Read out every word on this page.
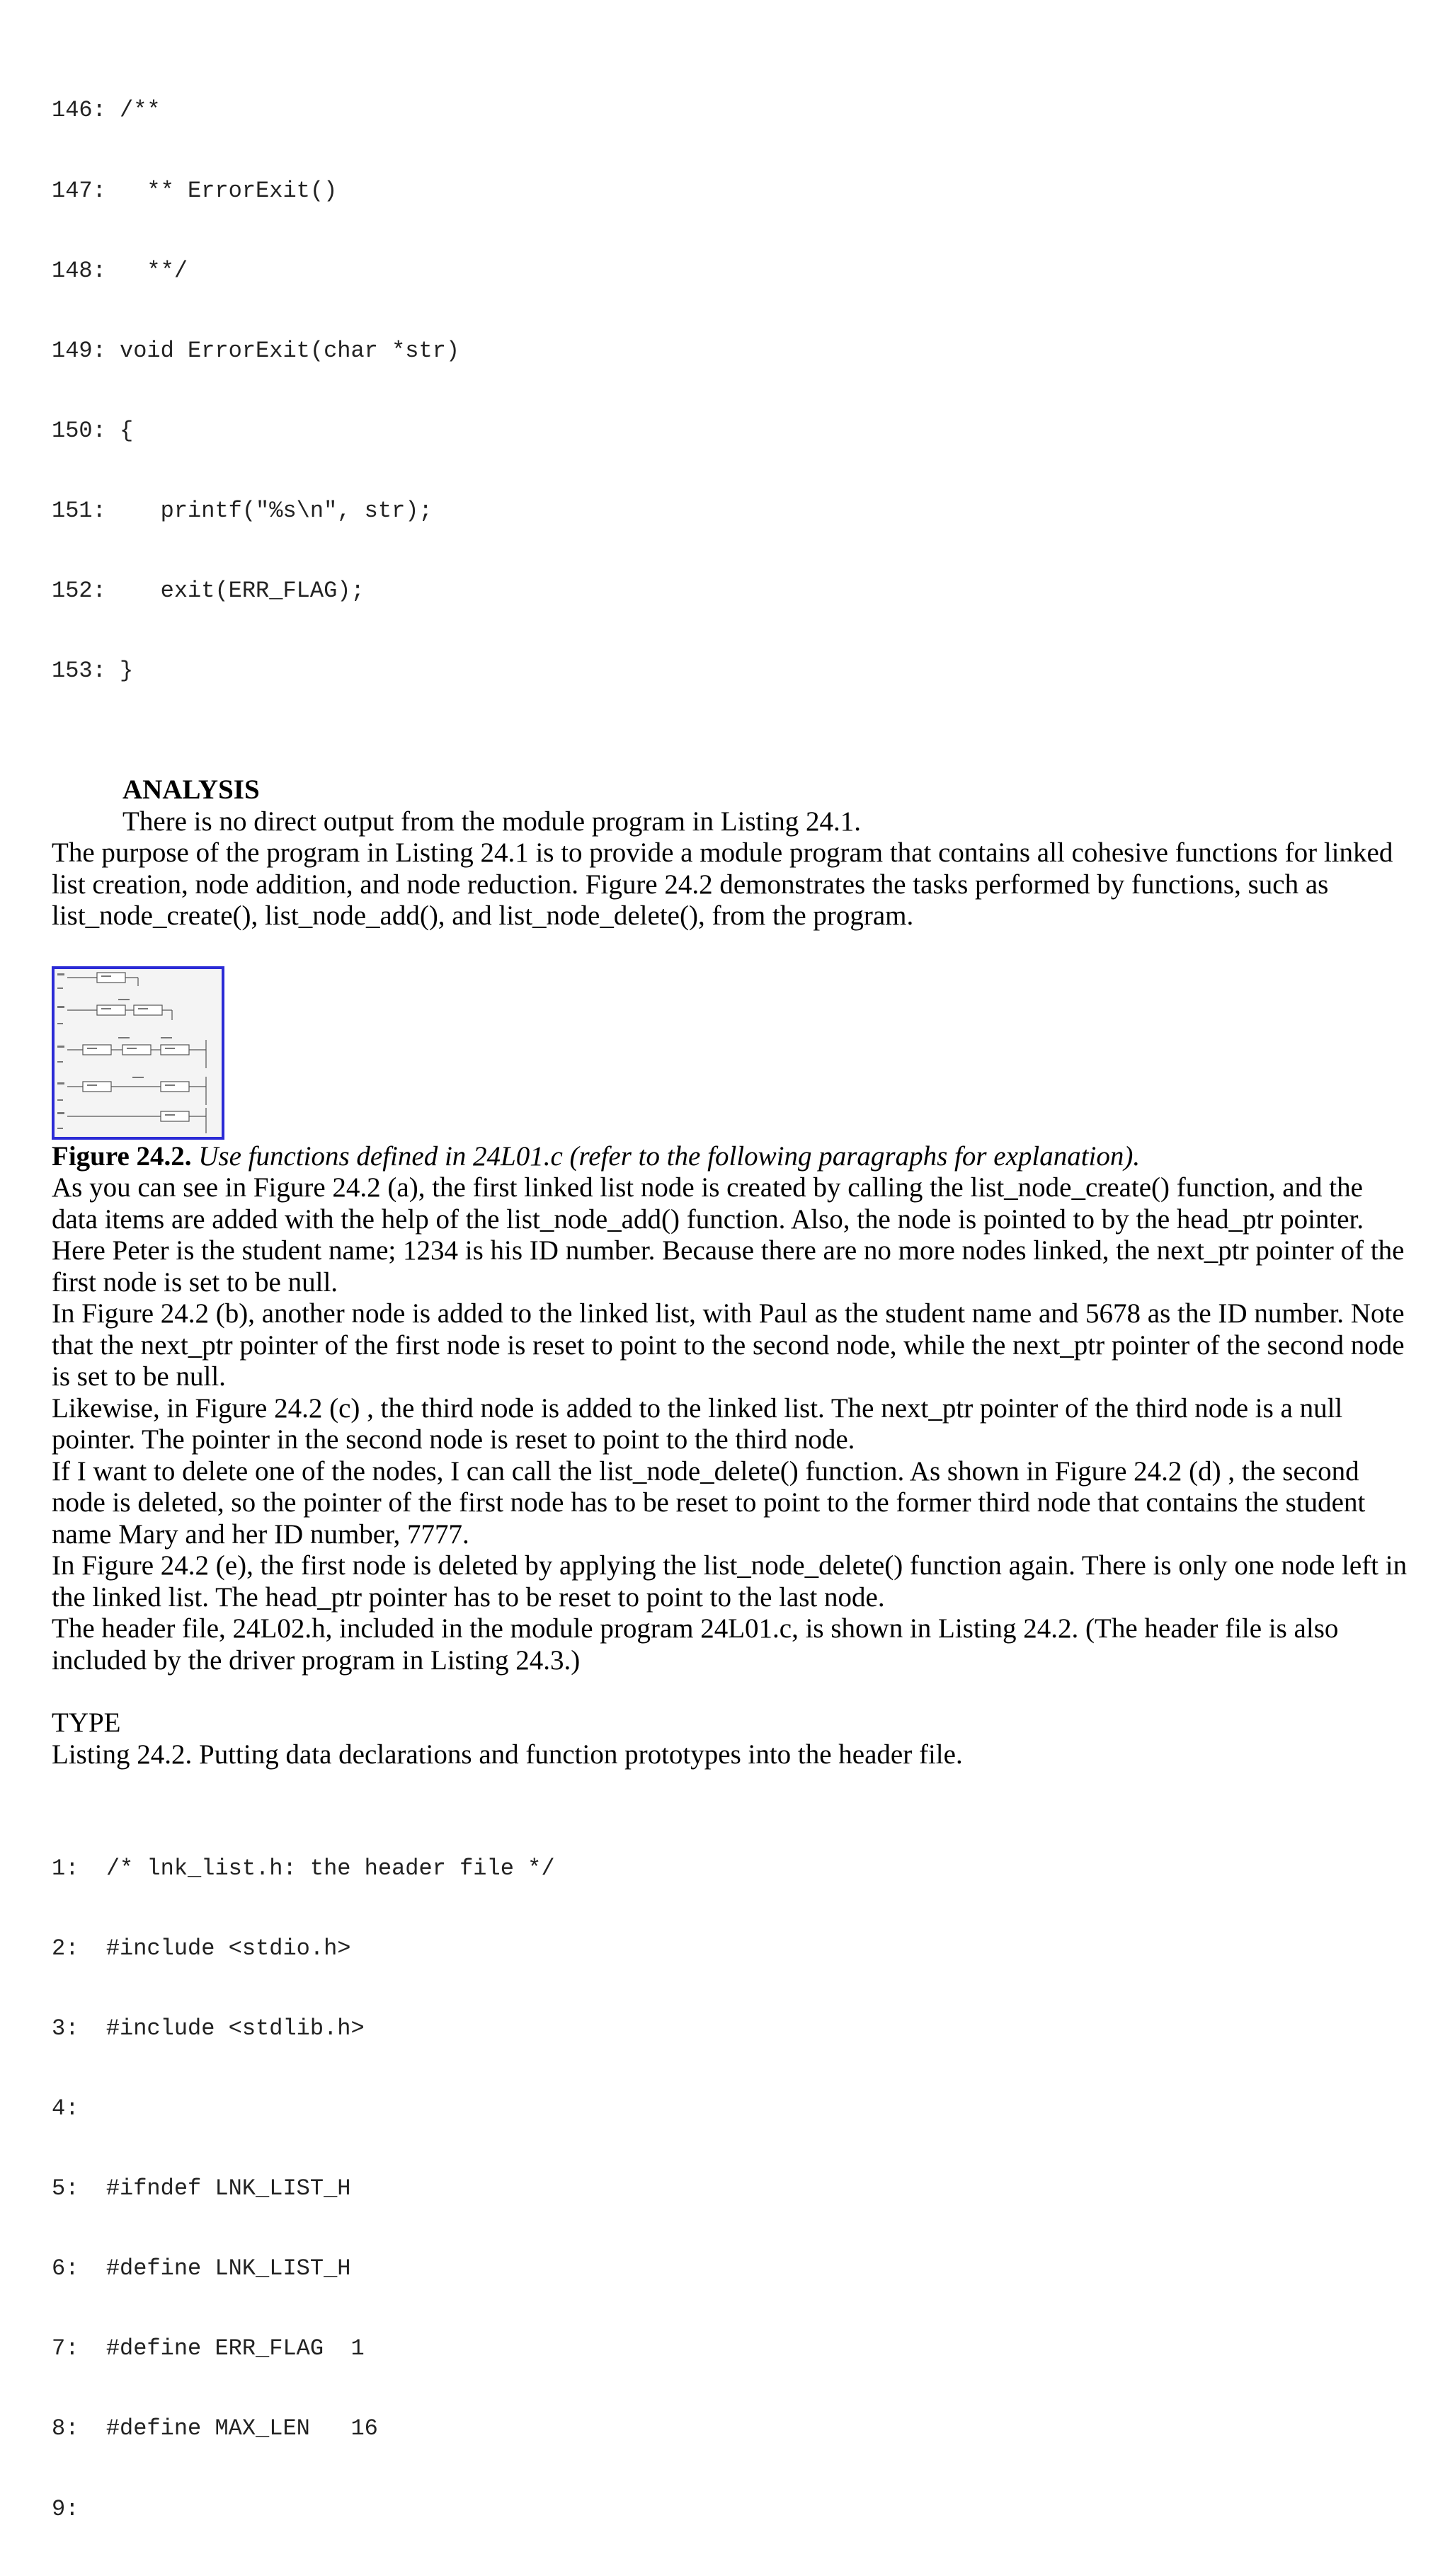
146: /**

147:   ** ErrorExit()

148:   **/

149: void ErrorExit(char *str)

150: {

151:    printf("%s\n", str);

152:    exit(ERR_FLAG);

153: }

ANALYSIS
There is no direct output from the module program in Listing 24.1.

The purpose of the program in Listing 24.1 is to provide a module program that contains all cohesive functions for linked list creation, node addition, and node reduction. Figure 24.2 demonstrates the tasks performed by functions, such as list_node_create(), list_node_add(), and list_node_delete(), from the program.

Figure 24.2. Use functions defined in 24L01.c (refer to the following paragraphs for explanation).

As you can see in Figure 24.2 (a), the first linked list node is created by calling the list_node_create() function, and the data items are added with the help of the list_node_add() function. Also, the node is pointed to by the head_ptr pointer. Here Peter is the student name; 1234 is his ID number. Because there are no more nodes linked, the next_ptr pointer of the first node is set to be null.

In Figure 24.2 (b), another node is added to the linked list, with Paul as the student name and 5678 as the ID number. Note that the next_ptr pointer of the first node is reset to point to the second node, while the next_ptr pointer of the second node is set to be null.

Likewise, in Figure 24.2 (c) , the third node is added to the linked list. The next_ptr pointer of the third node is a null pointer. The pointer in the second node is reset to point to the third node.

If I want to delete one of the nodes, I can call the list_node_delete() function. As shown in Figure 24.2 (d) , the second node is deleted, so the pointer of the first node has to be reset to point to the former third node that contains the student name Mary and her ID number, 7777.

In Figure 24.2 (e), the first node is deleted by applying the list_node_delete() function again. There is only one node left in the linked list. The head_ptr pointer has to be reset to point to the last node.

The header file, 24L02.h, included in the module program 24L01.c, is shown in Listing 24.2. (The header file is also included by the driver program in Listing 24.3.)

TYPE
Listing 24.2. Putting data declarations and function prototypes into the header file.

1:  /* lnk_list.h: the header file */

2:  #include <stdio.h>

3:  #include <stdlib.h>

4:

5:  #ifndef LNK_LIST_H

6:  #define LNK_LIST_H

7:  #define ERR_FLAG  1

8:  #define MAX_LEN   16

9:
